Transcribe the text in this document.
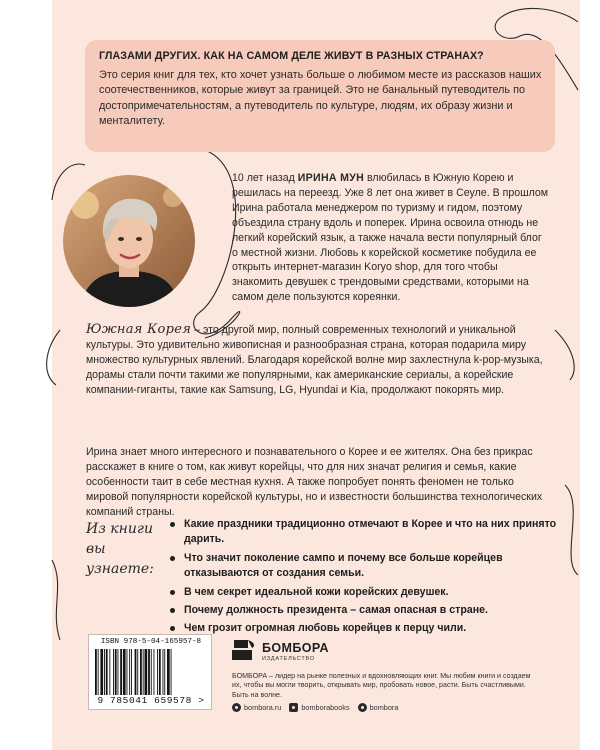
ГЛАЗАМИ ДРУГИХ. КАК НА САМОМ ДЕЛЕ ЖИВУТ В РАЗНЫХ СТРАНАХ?

Это серия книг для тех, кто хочет узнать больше о любимом месте из рассказов наших соотечественников, которые живут за границей. Это не банальный путеводитель по достопримечательностям, а путеводитель по культуре, людям, их образу жизни и менталитету.

10 лет назад ИРИНА МУН влюбилась в Южную Корею и решилась на переезд. Уже 8 лет она живет в Сеуле. В прошлом Ирина работала менеджером по туризму и гидом, поэтому объездила страну вдоль и поперек. Ирина освоила отнюдь не легкий корейский язык, а также начала вести популярный блог о местной жизни. Любовь к корейской косметике побудила ее открыть интернет-магазин Koryo shop, для того чтобы знакомить девушек с трендовыми средствами, которыми на самом деле пользуются кореянки.

Южная Корея – это другой мир, полный современных технологий и уникальной культуры. Это удивительно живописная и разнообразная страна, которая подарила миру множество культурных явлений. Благодаря корейской волне мир захлестнула k-pop-музыка, дорамы стали почти такими же популярными, как американские сериалы, а корейские компании-гиганты, такие как Samsung, LG, Hyundai и Kia, продолжают покорять мир.

Ирина знает много интересного и познавательного о Корее и ее жителях. Она без прикрас расскажет в книге о том, как живут корейцы, что для них значат религия и семья, какие особенности таит в себе местная кухня. А также попробует понять феномен не только мировой популярности корейской культуры, но и известности большинства технологических компаний страны.

Из книги
вы узнаете:
Какие праздники традиционно отмечают в Корее и что на них принято дарить.
Что значит поколение сампо и почему все больше корейцев отказываются от создания семьи.
В чем секрет идеальной кожи корейских девушек.
Почему должность президента – самая опасная в стране.
Чем грозит огромная любовь корейцев к перцу чили.
ISBN 978-5-04-165957-8
9 785041 659578 >
БОМБОРА
ИЗДАТЕЛЬСТВО

БОМБОРА – лидер на рынке полезных и вдохновляющих книг. Мы любим книги и создаем их, чтобы вы могли творить, открывать мир, пробовать новое, расти. Быть счастливыми. Быть на волне.

bombora.ru	bomborabooks	bombora
